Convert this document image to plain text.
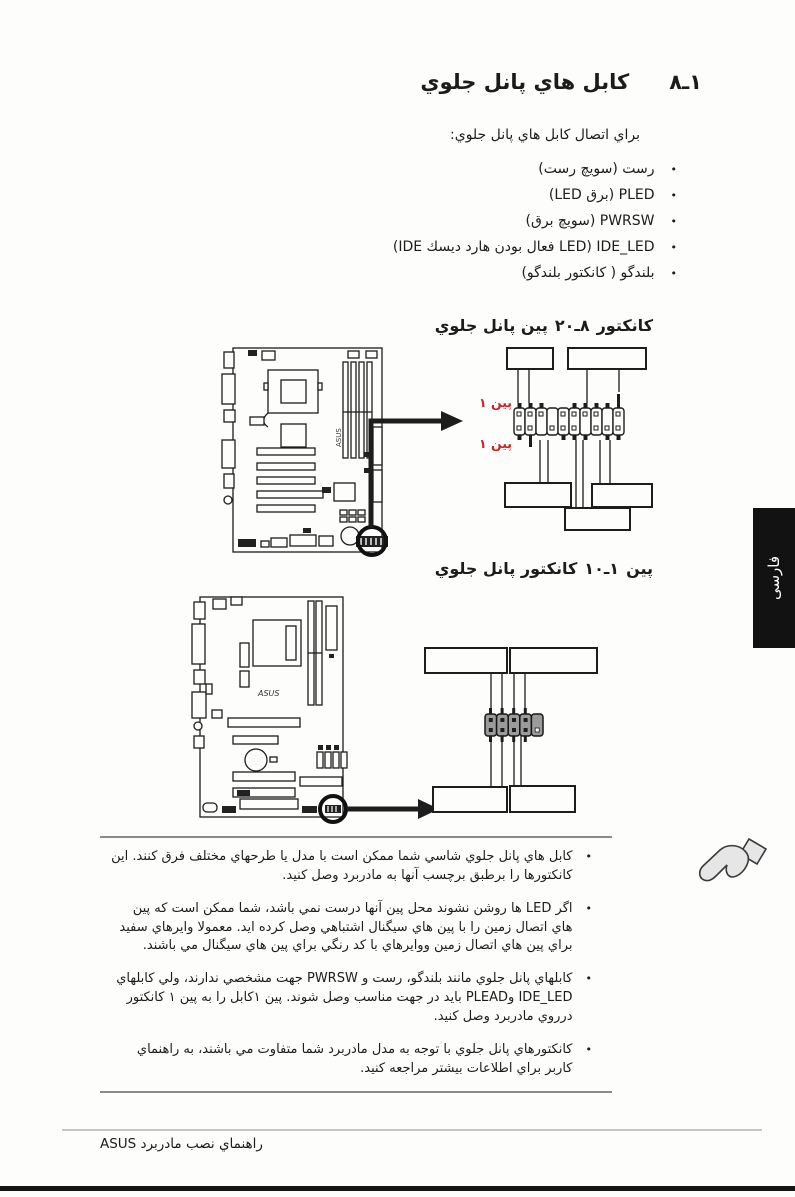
٨ـ١
كابل هاي پانل جلوي

براي اتصال كابل هاي پانل جلوي:

•
رست (سويچ رست)
•
PLED (برق LED)
•
PWRSW (سويچ برق)
•
IDE_LED (LED فعال بودن هارد ديسك IDE)
•
بلندگو ( كانكتور بلندگو)
كانكتور
٢٠ـ٨
پين پانل جلوي
ASUS
پين ١
پين ١
فارسى
پين
١٠ـ١
كانكتور پانل جلوي
ASUS
•
كابل هاي پانل جلوي شاسي شما ممكن است با مدل يا طرحهاي مختلف فرق كنند. اين كانكتورها را برطبق برچسب آنها به مادربرد وصل كنيد.
•
اگر LED ها روشن نشوند محل پين آنها درست نمي باشد، شما ممكن است كه پين هاي اتصال زمين را با پين هاي سيگنال اشتباهي وصل كرده ايد. معمولا وايرهاي سفيد براي پين هاي اتصال زمين ووايرهاي با كد رنگي براي پين هاي سيگنال مي باشند.
•
كابلهاي پانل جلوي مانند بلندگو، رست و PWRSW جهت مشخصي ندارند، ولي كابلهاي IDE_LED وPLEAD بايد در جهت مناسب وصل شوند. پين ١كابل را به پين ١ كانكتور درروي مادربرد وصل كنيد.
•
كانكتورهاي پانل جلوي با توجه به مدل مادربرد شما متفاوت مي باشند، به راهنماي كاربر براي اطلاعات بيشتر مراجعه كنيد.
راهنماي نصب مادربرد ASUS
